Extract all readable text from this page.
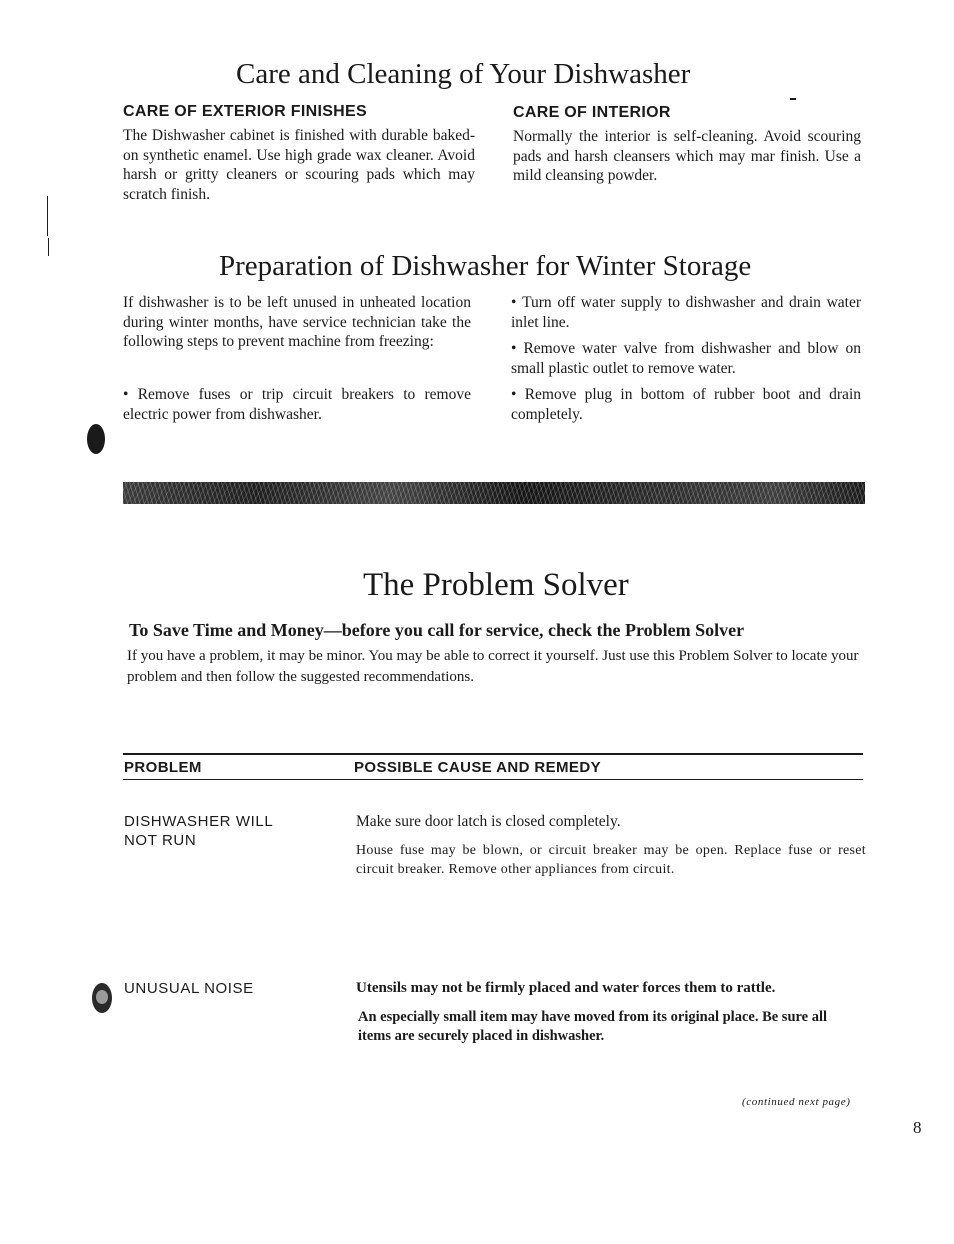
Care and Cleaning of Your Dishwasher
CARE OF EXTERIOR FINISHES
The Dishwasher cabinet is finished with durable baked-on synthetic enamel. Use high grade wax cleaner. Avoid harsh or gritty cleaners or scouring pads which may scratch finish.
CARE OF INTERIOR
Normally the interior is self-cleaning. Avoid scouring pads and harsh cleansers which may mar finish. Use a mild cleansing powder.
Preparation of Dishwasher for Winter Storage
If dishwasher is to be left unused in unheated location during winter months, have service technician take the following steps to prevent machine from freezing:
• Remove fuses or trip circuit breakers to remove electric power from dishwasher.
• Turn off water supply to dishwasher and drain water inlet line.
• Remove water valve from dishwasher and blow on small plastic outlet to remove water.
• Remove plug in bottom of rubber boot and drain completely.
The Problem Solver
To Save Time and Money—before you call for service, check the Problem Solver
If you have a problem, it may be minor. You may be able to correct it yourself. Just use this Problem Solver to locate your problem and then follow the suggested recommendations.
PROBLEM	POSSIBLE CAUSE AND REMEDY
DISHWASHER WILL NOT RUN
Make sure door latch is closed completely.
House fuse may be blown, or circuit breaker may be open. Replace fuse or reset circuit breaker. Remove other appliances from circuit.
UNUSUAL NOISE	Utensils may not be firmly placed and water forces them to rattle.
An especially small item may have moved from its original place. Be sure all items are securely placed in dishwasher.
(continued next page)
8
